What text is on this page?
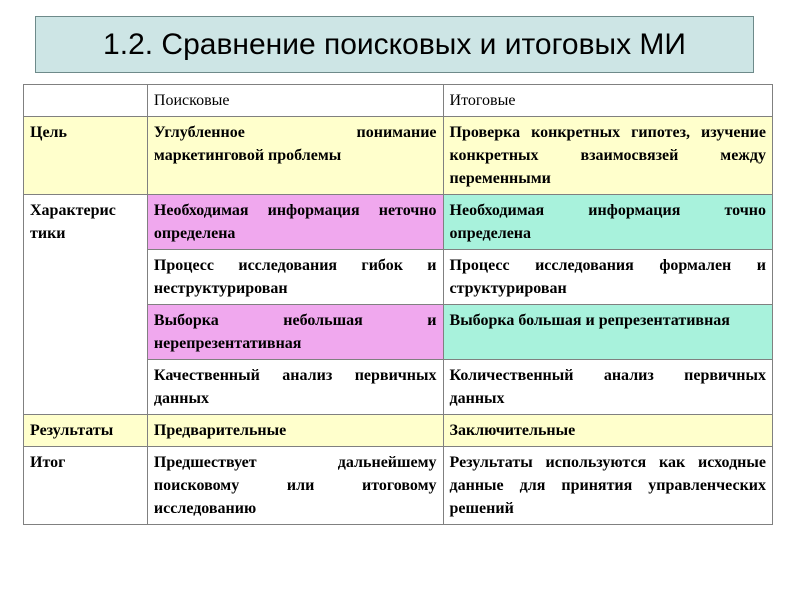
1.2. Сравнение поисковых и итоговых МИ
	Поисковые	Итоговые
Цель	Углубленное понимание маркетинговой проблемы	Проверка конкретных гипотез, изучение конкретных взаимосвязей между переменными
Характерис тики	Необходимая информация неточно определена	Необходимая информация точно определена
	Процесс исследования гибок и неструктурирован	Процесс исследования формален и структурирован
	Выборка небольшая и нерепрезентативная	Выборка большая и репрезентативная
	Качественный анализ первичных данных	Количественный анализ первичных данных
Результаты	Предварительные	Заключительные
Итог	Предшествует дальнейшему поисковому или итоговому исследованию	Результаты используются как исходные данные для принятия управленческих решений
